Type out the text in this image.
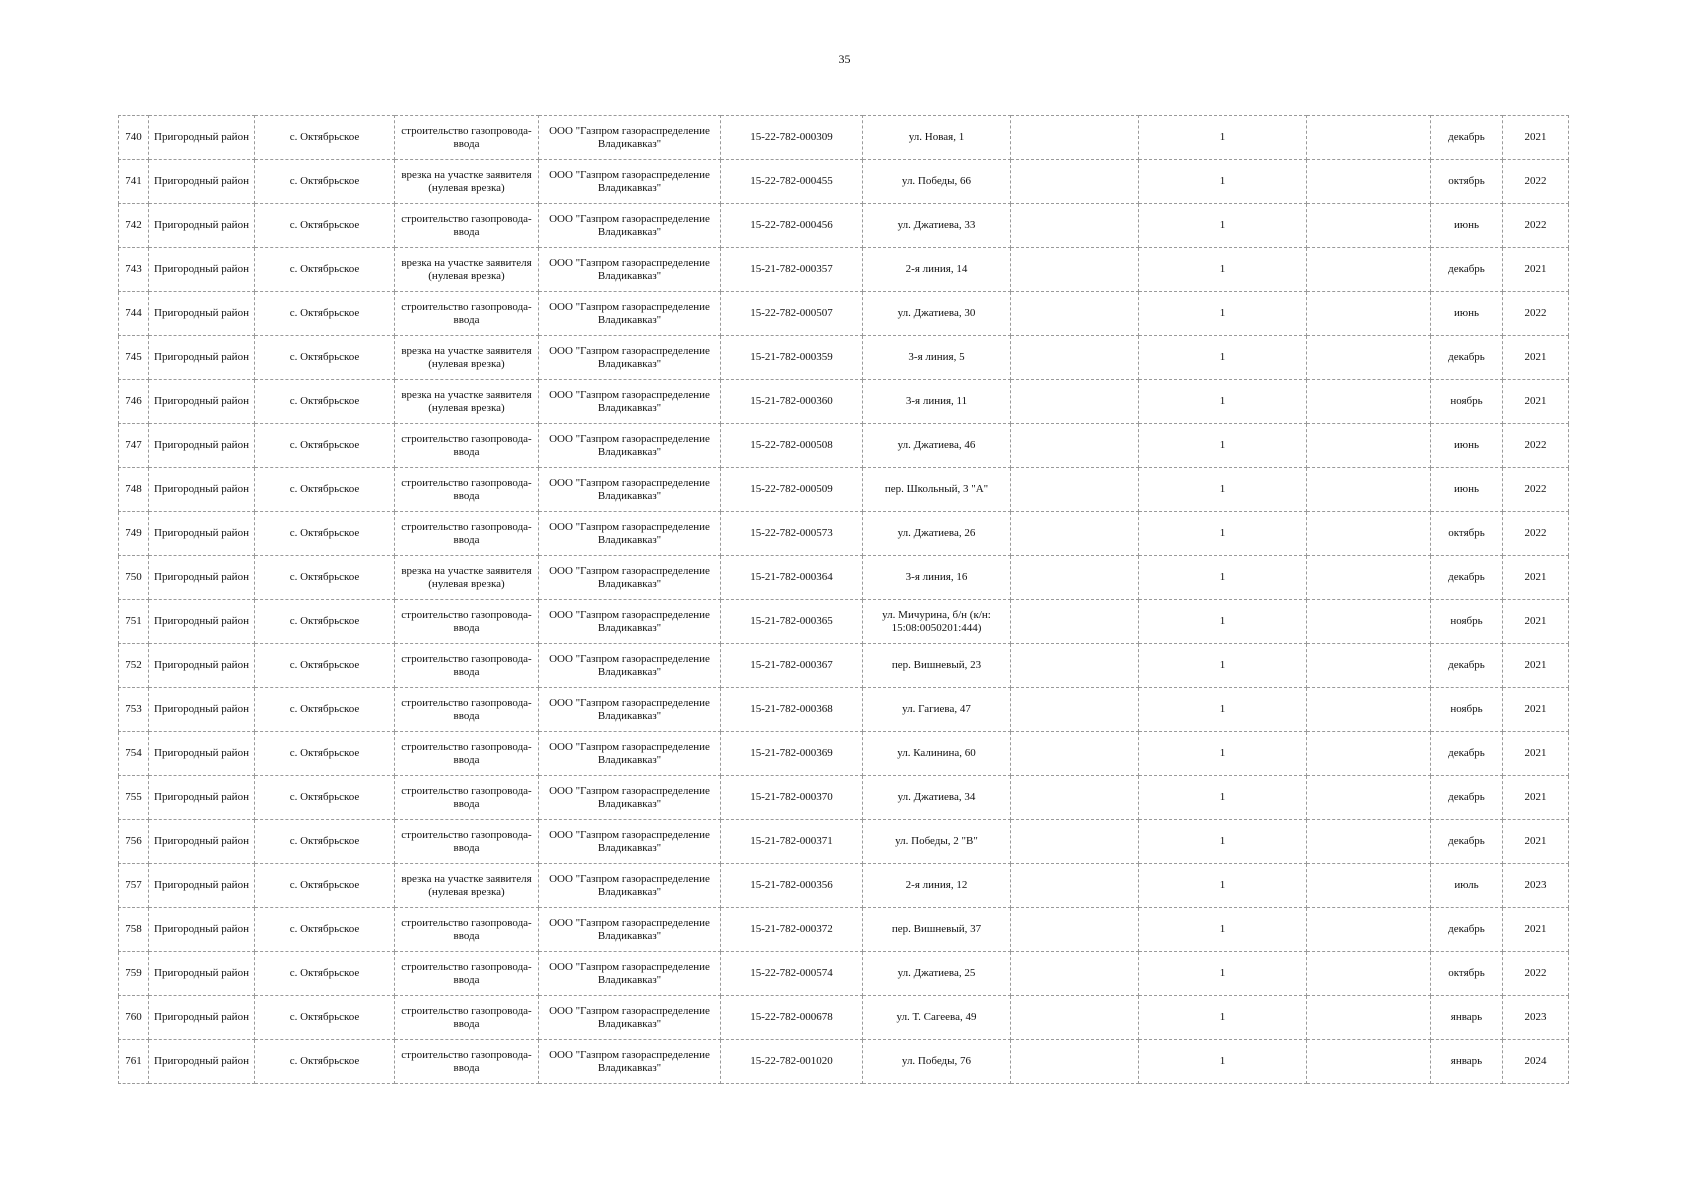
35
740	Пригородный район	с. Октябрьское	строительство газопровода-ввода	ООО "Газпром газораспределение Владикавказ"	15-22-782-000309	ул. Новая, 1		1		декабрь	2021
741	Пригородный район	с. Октябрьское	врезка на участке заявителя (нулевая врезка)	ООО "Газпром газораспределение Владикавказ"	15-22-782-000455	ул. Победы, 66		1		октябрь	2022
742	Пригородный район	с. Октябрьское	строительство газопровода-ввода	ООО "Газпром газораспределение Владикавказ"	15-22-782-000456	ул. Джатиева, 33		1		июнь	2022
743	Пригородный район	с. Октябрьское	врезка на участке заявителя (нулевая врезка)	ООО "Газпром газораспределение Владикавказ"	15-21-782-000357	2-я линия, 14		1		декабрь	2021
744	Пригородный район	с. Октябрьское	строительство газопровода-ввода	ООО "Газпром газораспределение Владикавказ"	15-22-782-000507	ул. Джатиева, 30		1		июнь	2022
745	Пригородный район	с. Октябрьское	врезка на участке заявителя (нулевая врезка)	ООО "Газпром газораспределение Владикавказ"	15-21-782-000359	3-я линия, 5		1		декабрь	2021
746	Пригородный район	с. Октябрьское	врезка на участке заявителя (нулевая врезка)	ООО "Газпром газораспределение Владикавказ"	15-21-782-000360	3-я линия, 11		1		ноябрь	2021
747	Пригородный район	с. Октябрьское	строительство газопровода-ввода	ООО "Газпром газораспределение Владикавказ"	15-22-782-000508	ул. Джатиева, 46		1		июнь	2022
748	Пригородный район	с. Октябрьское	строительство газопровода-ввода	ООО "Газпром газораспределение Владикавказ"	15-22-782-000509	пер. Школьный, 3 "А"		1		июнь	2022
749	Пригородный район	с. Октябрьское	строительство газопровода-ввода	ООО "Газпром газораспределение Владикавказ"	15-22-782-000573	ул. Джатиева, 26		1		октябрь	2022
750	Пригородный район	с. Октябрьское	врезка на участке заявителя (нулевая врезка)	ООО "Газпром газораспределение Владикавказ"	15-21-782-000364	3-я линия, 16		1		декабрь	2021
751	Пригородный район	с. Октябрьское	строительство газопровода-ввода	ООО "Газпром газораспределение Владикавказ"	15-21-782-000365	ул. Мичурина, б/н (к/н: 15:08:0050201:444)		1		ноябрь	2021
752	Пригородный район	с. Октябрьское	строительство газопровода-ввода	ООО "Газпром газораспределение Владикавказ"	15-21-782-000367	пер. Вишневый, 23		1		декабрь	2021
753	Пригородный район	с. Октябрьское	строительство газопровода-ввода	ООО "Газпром газораспределение Владикавказ"	15-21-782-000368	ул. Гагиева, 47		1		ноябрь	2021
754	Пригородный район	с. Октябрьское	строительство газопровода-ввода	ООО "Газпром газораспределение Владикавказ"	15-21-782-000369	ул. Калинина, 60		1		декабрь	2021
755	Пригородный район	с. Октябрьское	строительство газопровода-ввода	ООО "Газпром газораспределение Владикавказ"	15-21-782-000370	ул. Джатиева, 34		1		декабрь	2021
756	Пригородный район	с. Октябрьское	строительство газопровода-ввода	ООО "Газпром газораспределение Владикавказ"	15-21-782-000371	ул. Победы, 2 "В"		1		декабрь	2021
757	Пригородный район	с. Октябрьское	врезка на участке заявителя (нулевая врезка)	ООО "Газпром газораспределение Владикавказ"	15-21-782-000356	2-я линия, 12		1		июль	2023
758	Пригородный район	с. Октябрьское	строительство газопровода-ввода	ООО "Газпром газораспределение Владикавказ"	15-21-782-000372	пер. Вишневый, 37		1		декабрь	2021
759	Пригородный район	с. Октябрьское	строительство газопровода-ввода	ООО "Газпром газораспределение Владикавказ"	15-22-782-000574	ул. Джатиева, 25		1		октябрь	2022
760	Пригородный район	с. Октябрьское	строительство газопровода-ввода	ООО "Газпром газораспределение Владикавказ"	15-22-782-000678	ул. Т. Сагеева, 49		1		январь	2023
761	Пригородный район	с. Октябрьское	строительство газопровода-ввода	ООО "Газпром газораспределение Владикавказ"	15-22-782-001020	ул. Победы, 76		1		январь	2024
